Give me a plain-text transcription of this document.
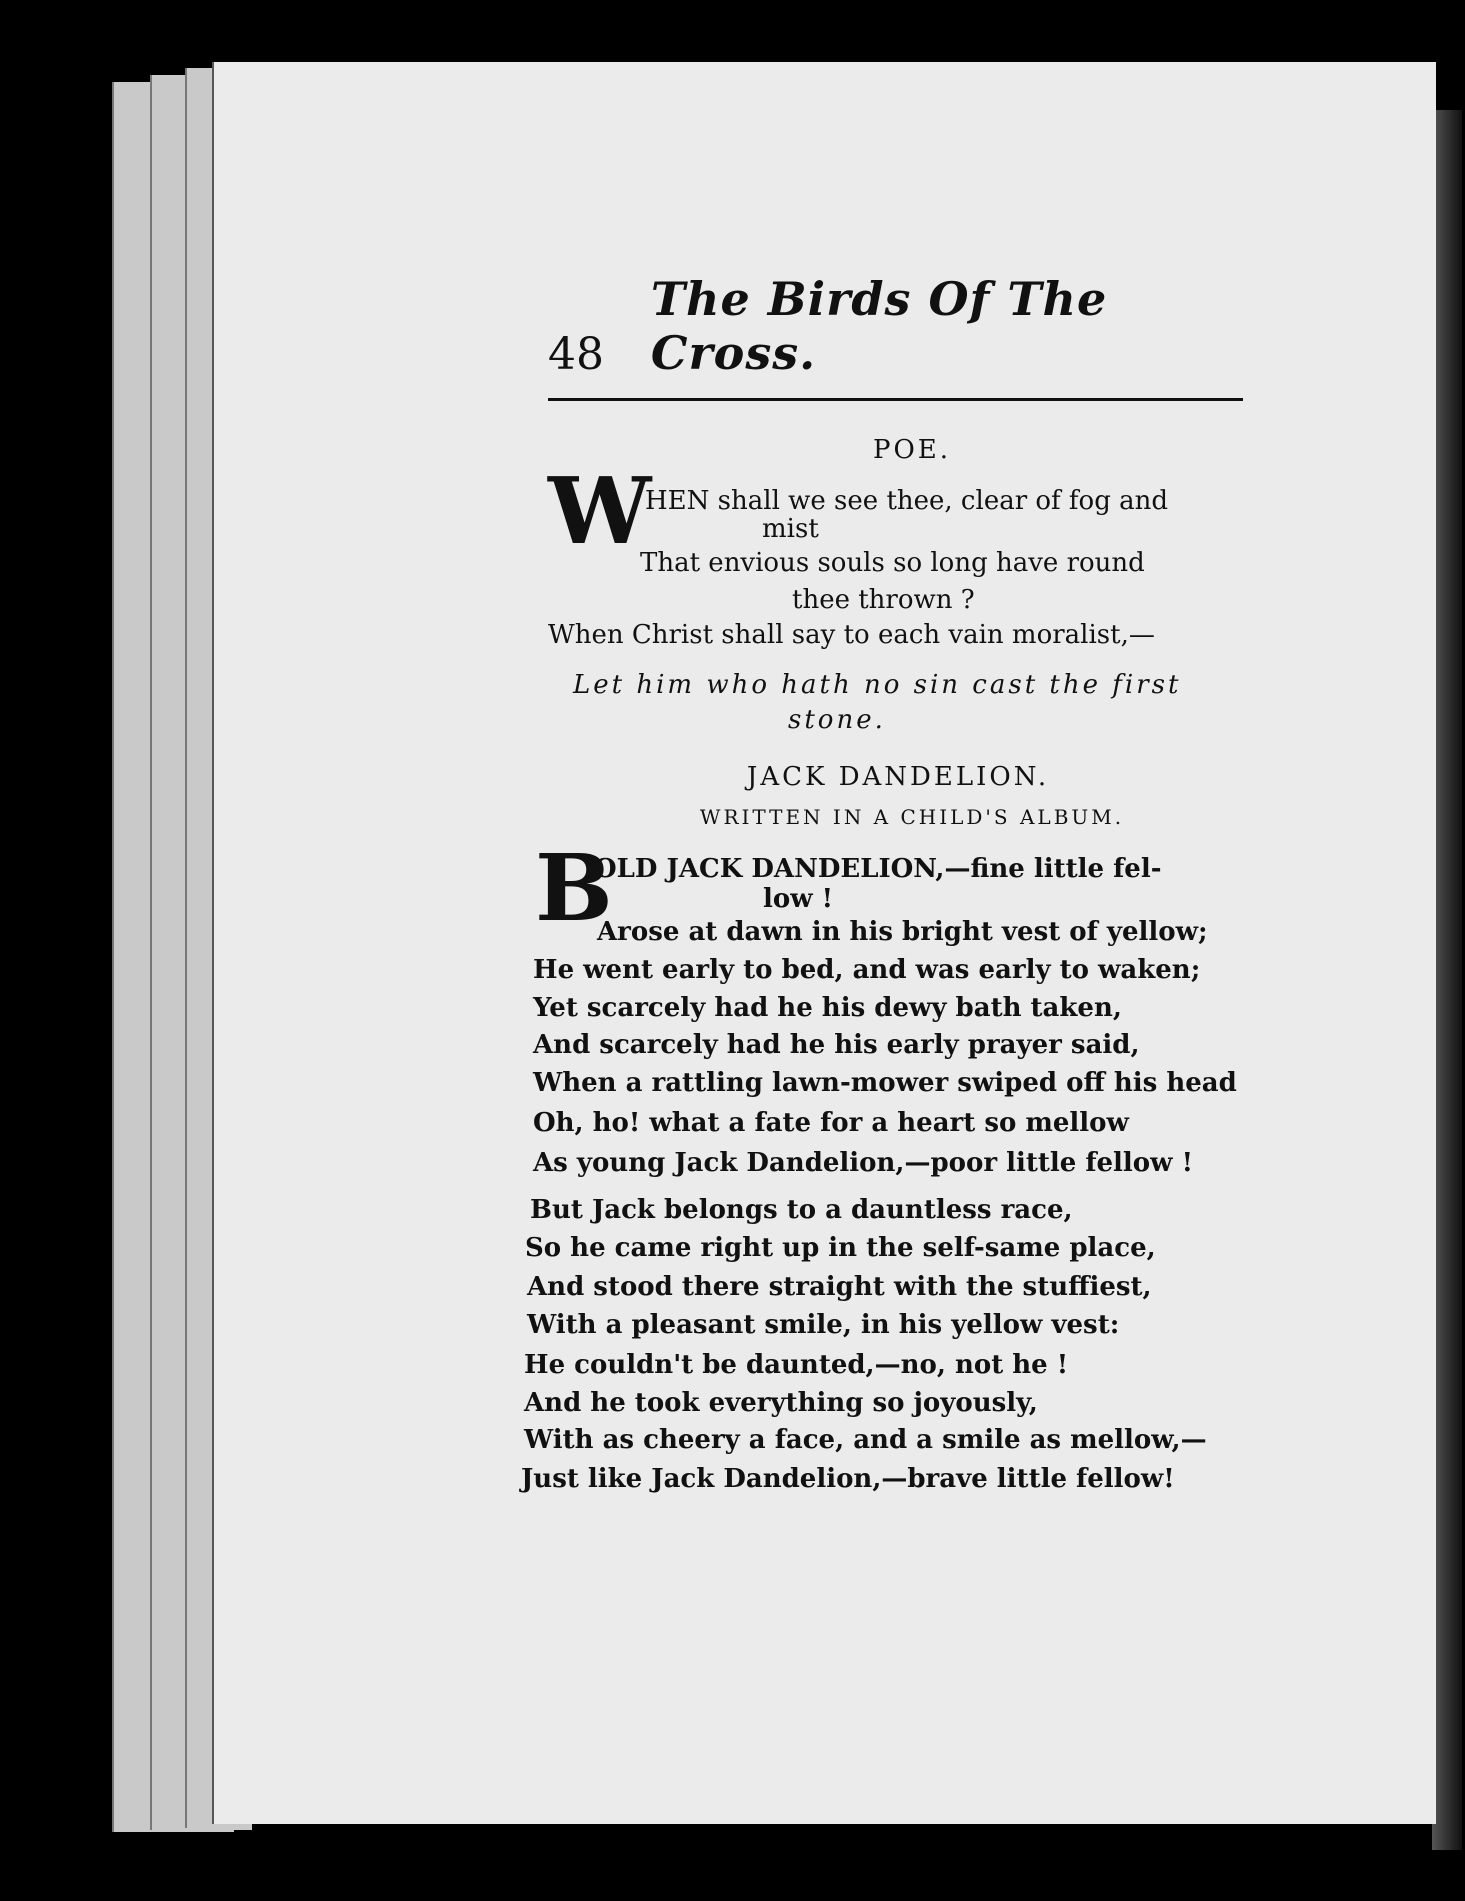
48
The Birds Of The Cross.
POE.
W
HEN shall we see thee, clear of fog and
mist
That envious souls so long have round
thee thrown ?
When Christ shall say to each vain moralist,—
Let him who hath no sin cast the first
stone.
JACK DANDELION.
WRITTEN IN A CHILD'S ALBUM.
B
OLD JACK DANDELION,—fine little fel-
low !
Arose at dawn in his bright vest of yellow;
He went early to bed, and was early to waken;
Yet scarcely had he his dewy bath taken,
And scarcely had he his early prayer said,
When a rattling lawn-mower swiped off his head
Oh, ho! what a fate for a heart so mellow
As young Jack Dandelion,—poor little fellow !
But Jack belongs to a dauntless race,
So he came right up in the self-same place,
And stood there straight with the stuffiest,
With a pleasant smile, in his yellow vest:
He couldn't be daunted,—no, not he !
And he took everything so joyously,
With as cheery a face, and a smile as mellow,—
Just like Jack Dandelion,—brave little fellow!
